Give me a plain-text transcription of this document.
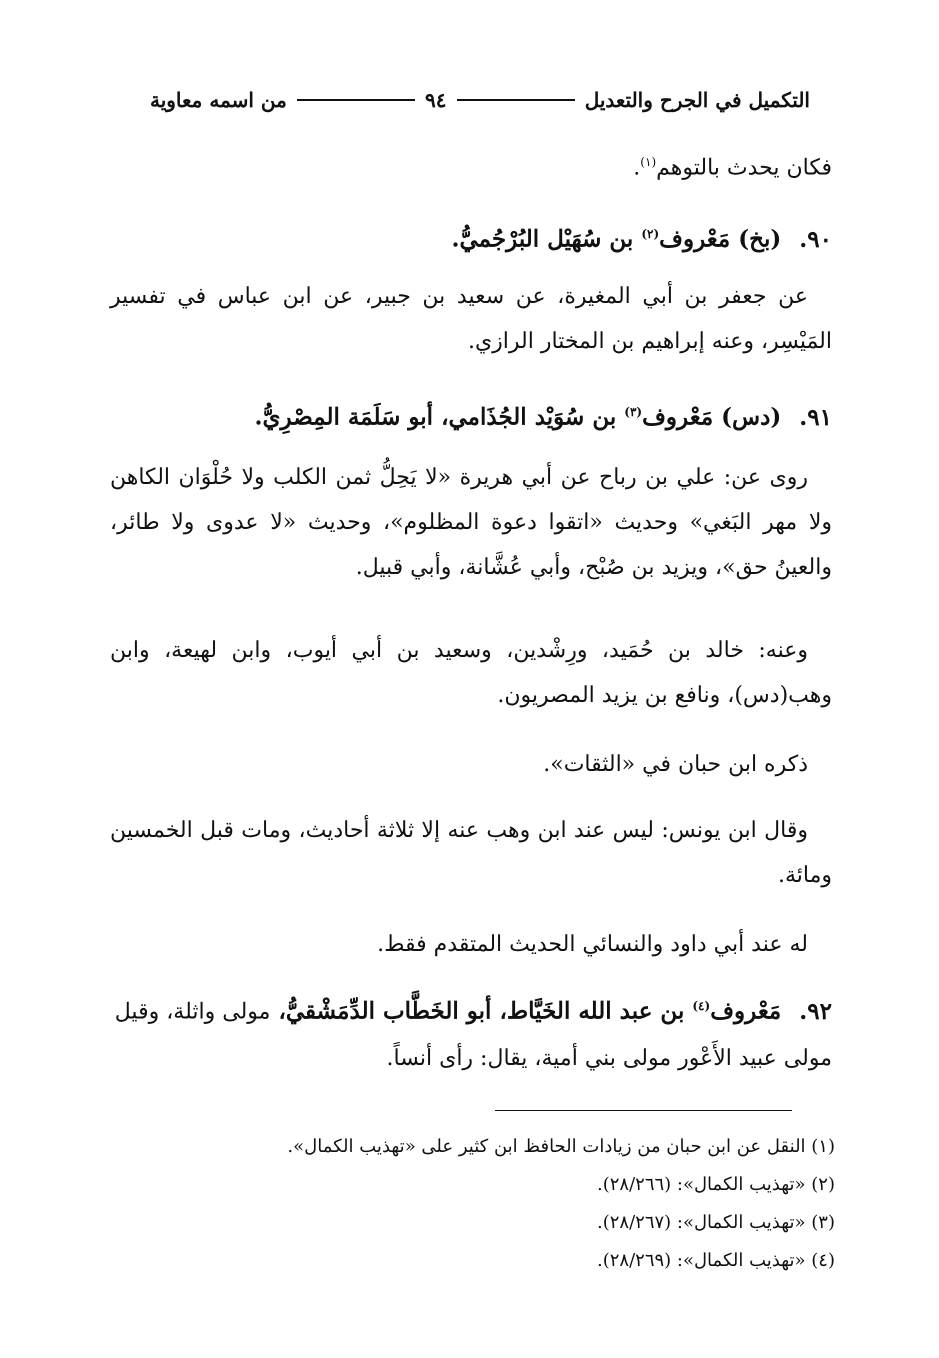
التكميل في الجرح والتعديل
٩٤
من اسمه معاوية

فكان يحدث بالتوهم$^{(١)}$.

٩٠. (بخ) مَعْروف$^{(٢)}$ بن سُهَيْل البُرْجُميُّ.

عن جعفر بن أبي المغيرة، عن سعيد بن جبير، عن ابن عباس في تفسير المَيْسِر، وعنه إبراهيم بن المختار الرازي.

٩١. (دس) مَعْروف$^{(٣)}$ بن سُوَيْد الجُذَامي، أبو سَلَمَة المِصْرِيُّ.

روى عن: علي بن رباح عن أبي هريرة «لا يَحِلُّ ثمن الكلب ولا حُلْوَان الكاهن ولا مهر البَغي» وحديث «اتقوا دعوة المظلوم»، وحديث «لا عدوى ولا طائر، والعينُ حق»، ويزيد بن صُبْح، وأبي عُشَّانة، وأبي قبيل.

وعنه: خالد بن حُمَيد، ورِشْدين، وسعيد بن أبي أيوب، وابن لهيعة، وابن وهب(دس)، ونافع بن يزيد المصريون.

ذكره ابن حبان في «الثقات».

وقال ابن يونس: ليس عند ابن وهب عنه إلا ثلاثة أحاديث، ومات قبل الخمسين ومائة.

له عند أبي داود والنسائي الحديث المتقدم فقط.

٩٢. مَعْروف$^{(٤)}$ بن عبد الله الخَيَّاط، أبو الخَطَّاب الدِّمَشْقيُّ، مولى واثلة، وقيل مولى عبيد الأَعْور مولى بني أمية، يقال: رأى أنساً.

(١) النقل عن ابن حبان من زيادات الحافظ ابن كثير على «تهذيب الكمال».

(٢) «تهذيب الكمال»: (٢٨/٢٦٦).

(٣) «تهذيب الكمال»: (٢٨/٢٦٧).

(٤) «تهذيب الكمال»: (٢٨/٢٦٩).
